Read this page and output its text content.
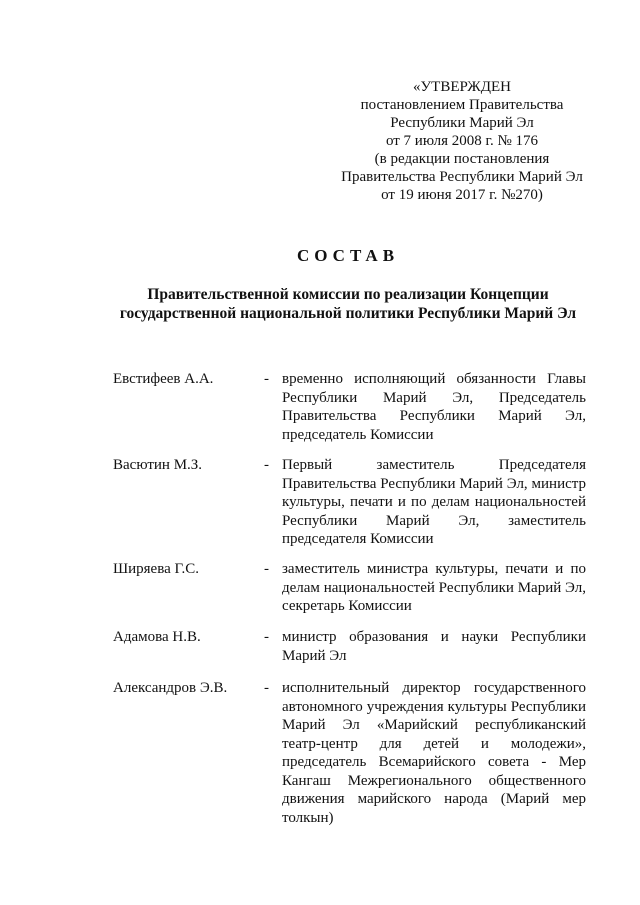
«УТВЕРЖДЕН
постановлением Правительства
Республики Марий Эл
от 7 июля 2008 г. № 176
(в редакции постановления
Правительства Республики Марий Эл
от 19 июня 2017 г. №270)
СОСТАВ
Правительственной комиссии по реализации Концепции государственной национальной политики Республики Марий Эл
Евстифеев А.А.	- временно исполняющий обязанности Главы Республики Марий Эл, Председатель Правительства Республики Марий Эл, председатель Комиссии
Васютин М.З.	- Первый заместитель Председателя Правительства Республики Марий Эл, министр культуры, печати и по делам национальностей Республики Марий Эл, заместитель председателя Комиссии
Ширяева Г.С.	- заместитель министра культуры, печати и по делам национальностей Республики Марий Эл, секретарь Комиссии
Адамова Н.В.	- министр образования и науки Республики Марий Эл
Александров Э.В. - исполнительный директор государственного автономного учреждения культуры Республики Марий Эл «Марийский республиканский театр-центр для детей и молодежи», председатель Всемарийского совета - Мер Кангаш Межрегионального общественного движения марийского народа (Марий мер толкын)
